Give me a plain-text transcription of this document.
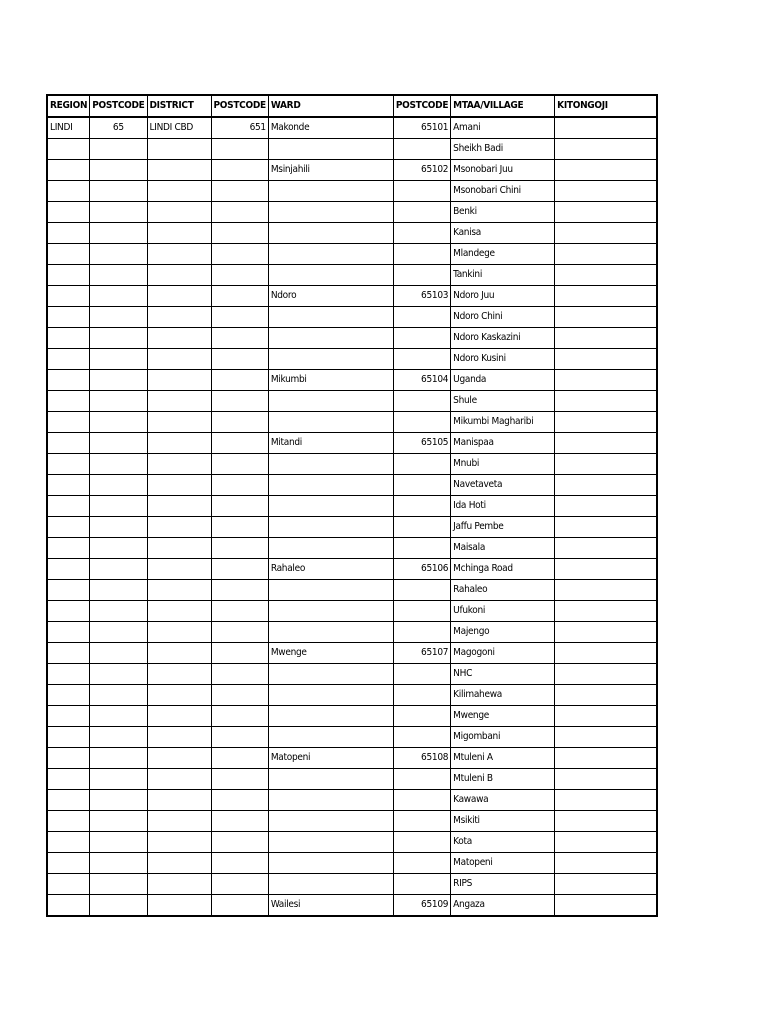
REGION	POSTCODE	DISTRICT	POSTCODE	WARD	POSTCODE	MTAA/VILLAGE	KITONGOJI
LINDI	65	LINDI CBD	651	Makonde	65101	Amani	
						Sheikh Badi	
				Msinjahili	65102	Msonobari Juu	
						Msonobari Chini	
						Benki	
						Kanisa	
						Mlandege	
						Tankini	
				Ndoro	65103	Ndoro Juu	
						Ndoro Chini	
						Ndoro Kaskazini	
						Ndoro Kusini	
				Mikumbi	65104	Uganda	
						Shule	
						Mikumbi Magharibi	
				Mitandi	65105	Manispaa	
						Mnubi	
						Navetaveta	
						Ida Hoti	
						Jaffu Pembe	
						Maisala	
				Rahaleo	65106	Mchinga Road	
						Rahaleo	
						Ufukoni	
						Majengo	
				Mwenge	65107	Magogoni	
						NHC	
						Kilimahewa	
						Mwenge	
						Migombani	
				Matopeni	65108	Mtuleni A	
						Mtuleni B	
						Kawawa	
						Msikiti	
						Kota	
						Matopeni	
						RIPS	
				Wailesi	65109	Angaza	
